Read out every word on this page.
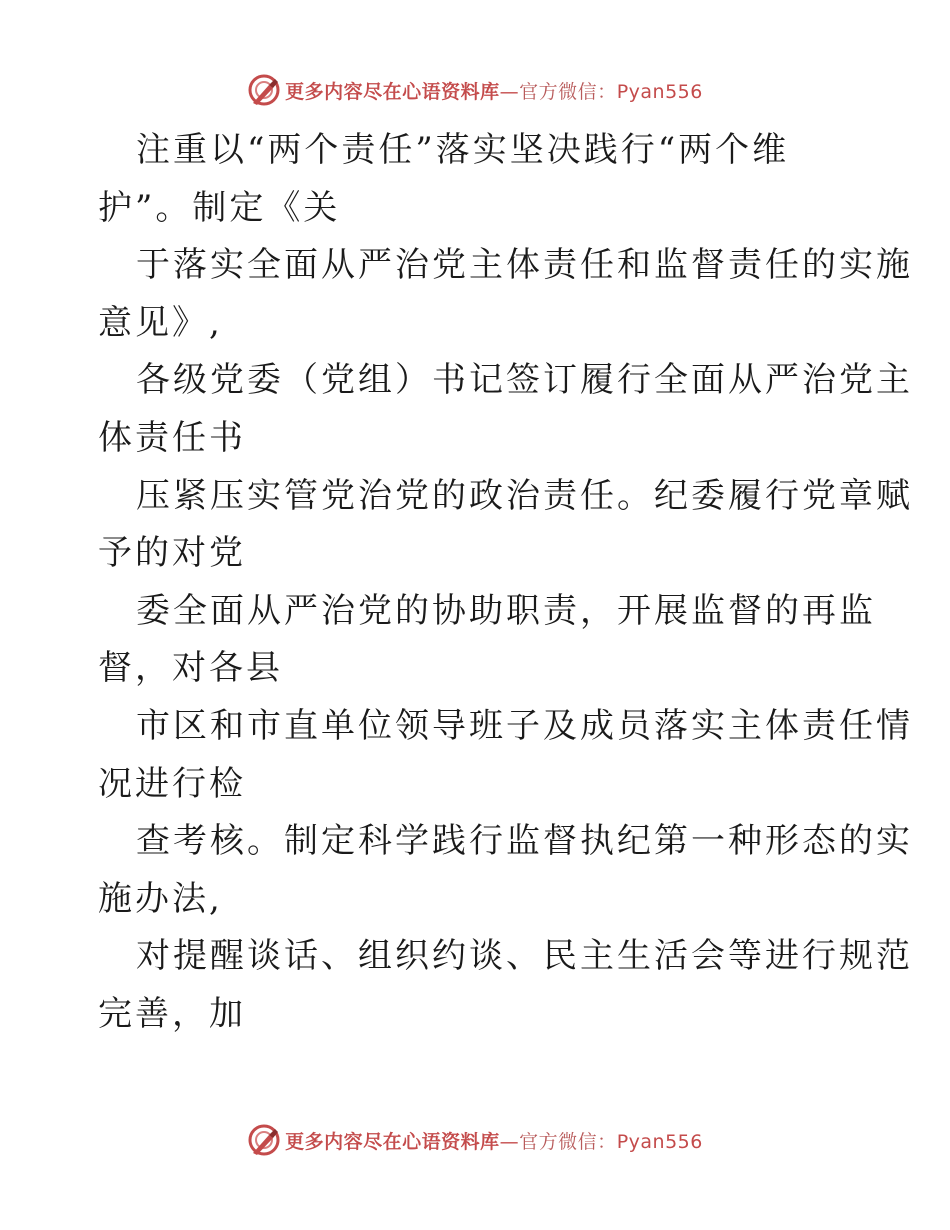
更多内容尽在心语资料库—官方微信：Pyan556
注重以“两个责任”落实坚决践行“两个维
护”。制定《关
于落实全面从严治党主体责任和监督责任的实施
意见》,
各级党委（党组）书记签订履行全面从严治党主
体责任书
压紧压实管党治党的政治责任。纪委履行党章赋
予的对党
委全面从严治党的协助职责，开展监督的再监
督，对各县
市区和市直单位领导班子及成员落实主体责任情
况进行检
查考核。制定科学践行监督执纪第一种形态的实
施办法,
对提醒谈话、组织约谈、民主生活会等进行规范
完善，加
更多内容尽在心语资料库—官方微信：Pyan556
